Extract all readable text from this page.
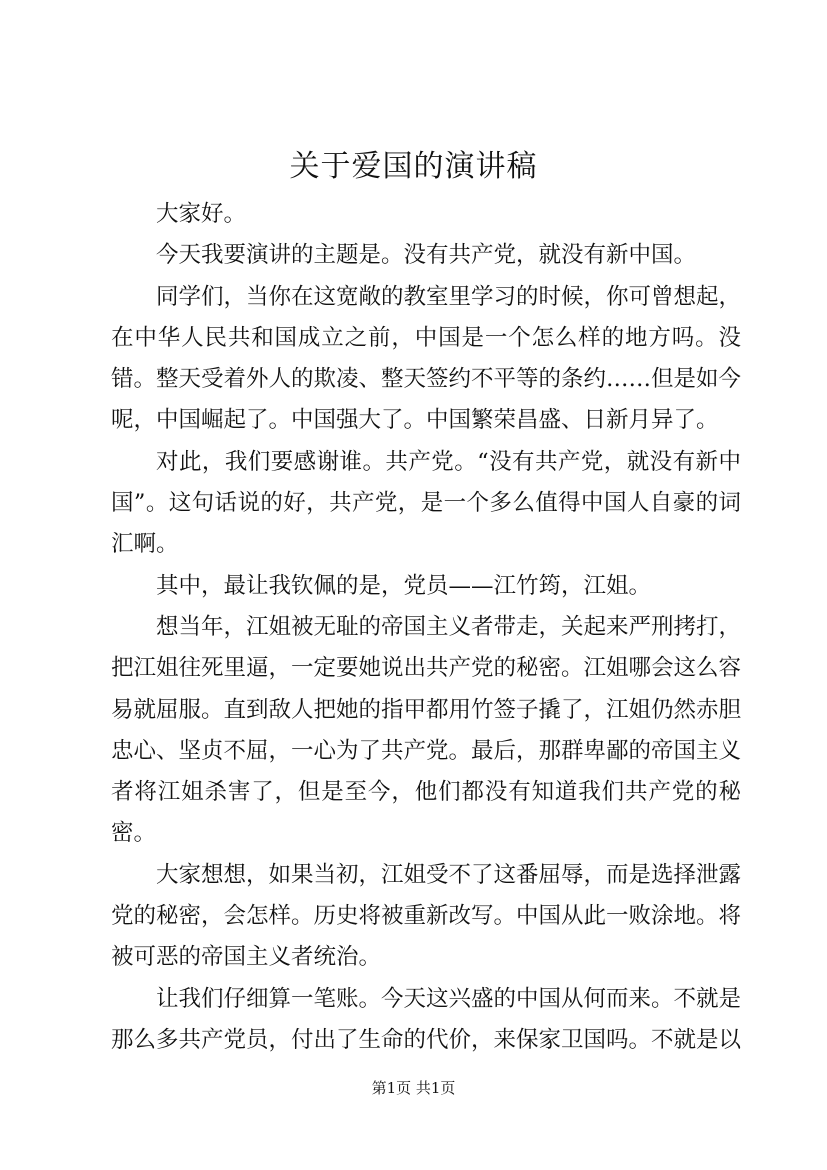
关于爱国的演讲稿

大家好。

今天我要演讲的主题是。没有共产党，就没有新中国。

同学们，当你在这宽敞的教室里学习的时候，你可曾想起，在中华人民共和国成立之前，中国是一个怎么样的地方吗。没错。整天受着外人的欺凌、整天签约不平等的条约……但是如今呢，中国崛起了。中国强大了。中国繁荣昌盛、日新月异了。

对此，我们要感谢谁。共产党。“没有共产党，就没有新中国”。这句话说的好，共产党，是一个多么值得中国人自豪的词汇啊。

其中，最让我钦佩的是，党员——江竹筠，江姐。

想当年，江姐被无耻的帝国主义者带走，关起来严刑拷打，把江姐往死里逼，一定要她说出共产党的秘密。江姐哪会这么容易就屈服。直到敌人把她的指甲都用竹签子撬了，江姐仍然赤胆忠心、坚贞不屈，一心为了共产党。最后，那群卑鄙的帝国主义者将江姐杀害了，但是至今，他们都没有知道我们共产党的秘密。

大家想想，如果当初，江姐受不了这番屈辱，而是选择泄露党的秘密，会怎样。历史将被重新改写。中国从此一败涂地。将被可恶的帝国主义者统治。

让我们仔细算一笔账。今天这兴盛的中国从何而来。不就是那么多共产党员，付出了生命的代价，来保家卫国吗。不就是以

第1页 共1页
